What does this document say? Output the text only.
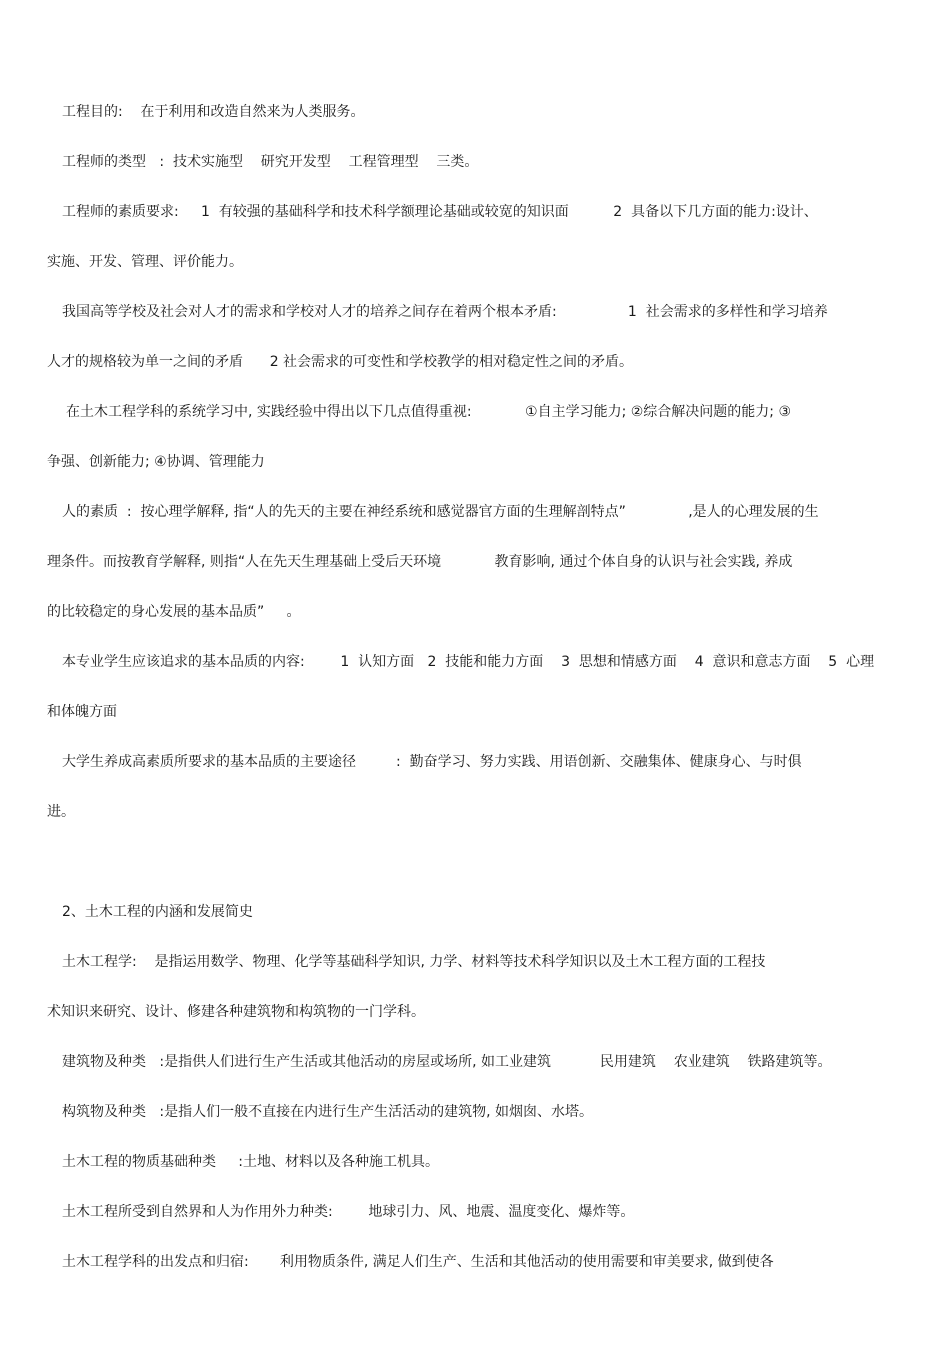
工程目的:    在于利用和改造自然来为人类服务。
工程师的类型   :  技术实施型    研究开发型    工程管理型    三类。
工程师的素质要求:     1  有较强的基础科学和技术科学额理论基础或较宽的知识面          2  具备以下几方面的能力:设计、
实施、开发、管理、评价能力。
我国高等学校及社会对人才的需求和学校对人才的培养之间存在着两个根本矛盾:                1  社会需求的多样性和学习培养
人才的规格较为单一之间的矛盾      2 社会需求的可变性和学校教学的相对稳定性之间的矛盾。
在土木工程学科的系统学习中, 实践经验中得出以下几点值得重视:            ①自主学习能力; ②综合解决问题的能力; ③
争强、创新能力; ④协调、管理能力
人的素质  :  按心理学解释, 指“人的先天的主要在神经系统和感觉器官方面的生理解剖特点”              ,是人的心理发展的生
理条件。而按教育学解释, 则指“人在先天生理基础上受后天环境            教育影响, 通过个体自身的认识与社会实践, 养成
的比较稳定的身心发展的基本品质”     。
本专业学生应该追求的基本品质的内容:        1  认知方面   2  技能和能力方面    3  思想和情感方面    4  意识和意志方面    5  心理
和体魄方面
大学生养成高素质所要求的基本品质的主要途径         :  勤奋学习、努力实践、用语创新、交融集体、健康身心、与时俱
进。
2、土木工程的内涵和发展简史
土木工程学:    是指运用数学、物理、化学等基础科学知识, 力学、材料等技术科学知识以及土木工程方面的工程技
术知识来研究、设计、修建各种建筑物和构筑物的一门学科。
建筑物及种类   :是指供人们进行生产生活或其他活动的房屋或场所, 如工业建筑           民用建筑    农业建筑    铁路建筑等。
构筑物及种类   :是指人们一般不直接在内进行生产生活活动的建筑物, 如烟囱、水塔。
土木工程的物质基础种类     :土地、材料以及各种施工机具。
土木工程所受到自然界和人为作用外力种类:        地球引力、风、地震、温度变化、爆炸等。
土木工程学科的出发点和归宿:       利用物质条件, 满足人们生产、生活和其他活动的使用需要和审美要求, 做到使各
